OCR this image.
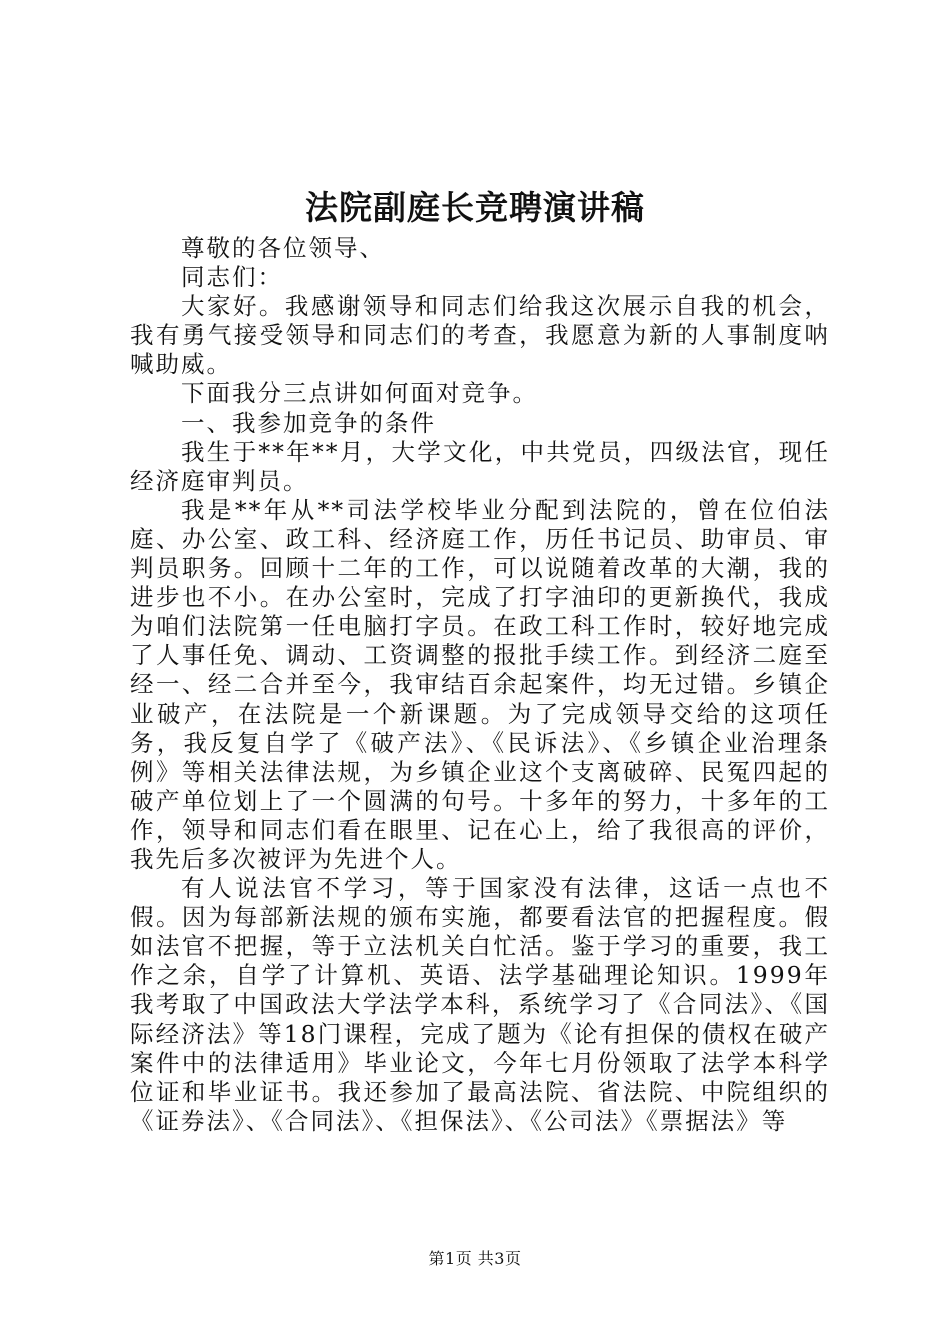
法院副庭长竞聘演讲稿

尊敬的各位领导、

同志们：

大家好。我感谢领导和同志们给我这次展示自我的机会，我有勇气接受领导和同志们的考查，我愿意为新的人事制度呐喊助威。

下面我分三点讲如何面对竞争。

一、我参加竞争的条件

我生于**年**月，大学文化，中共党员，四级法官，现任经济庭审判员。

我是**年从**司法学校毕业分配到法院的，曾在位伯法庭、办公室、政工科、经济庭工作，历任书记员、助审员、审判员职务。回顾十二年的工作，可以说随着改革的大潮，我的进步也不小。在办公室时，完成了打字油印的更新换代，我成为咱们法院第一任电脑打字员。在政工科工作时，较好地完成了人事任免、调动、工资调整的报批手续工作。到经济二庭至经一、经二合并至今，我审结百余起案件，均无过错。乡镇企业破产，在法院是一个新课题。为了完成领导交给的这项任务，我反复自学了《破产法》、《民诉法》、《乡镇企业治理条例》等相关法律法规，为乡镇企业这个支离破碎、民冤四起的破产单位划上了一个圆满的句号。十多年的努力，十多年的工作，领导和同志们看在眼里、记在心上，给了我很高的评价，我先后多次被评为先进个人。

有人说法官不学习，等于国家没有法律，这话一点也不假。因为每部新法规的颁布实施，都要看法官的把握程度。假如法官不把握，等于立法机关白忙活。鉴于学习的重要，我工作之余，自学了计算机、英语、法学基础理论知识。1999年我考取了中国政法大学法学本科，系统学习了《合同法》、《国际经济法》等18门课程，完成了题为《论有担保的债权在破产案件中的法律适用》毕业论文，今年七月份领取了法学本科学位证和毕业证书。我还参加了最高法院、省法院、中院组织的《证券法》、《合同法》、《担保法》、《公司法》《票据法》等

第1页 共3页
